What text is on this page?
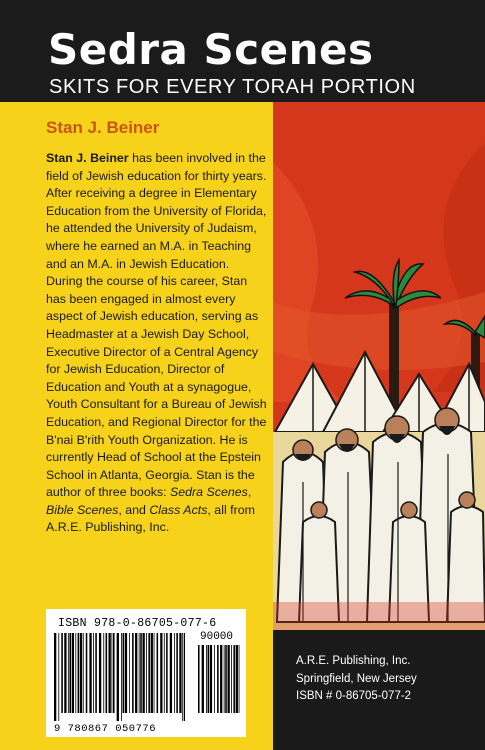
Sedra Scenes
SKITS FOR EVERY TORAH PORTION
Stan J. Beiner
Stan J. Beiner has been involved in the field of Jewish education for thirty years. After receiving a degree in Elementary Education from the University of Florida, he attended the University of Judaism, where he earned an M.A. in Teaching and an M.A. in Jewish Education. During the course of his career, Stan has been engaged in almost every aspect of Jewish education, serving as Headmaster at a Jewish Day School, Executive Director of a Central Agency for Jewish Education, Director of Education and Youth at a synagogue, Youth Consultant for a Bureau of Jewish Education, and Regional Director for the B'nai B'rith Youth Organization. He is currently Head of School at the Epstein School in Atlanta, Georgia. Stan is the author of three books: Sedra Scenes, Bible Scenes, and Class Acts, all from A.R.E. Publishing, Inc.
ISBN 978-0-86705-077-6
90000
9 780867 050776
A.R.E. Publishing, Inc.
Springfield, New Jersey
ISBN # 0-86705-077-2
